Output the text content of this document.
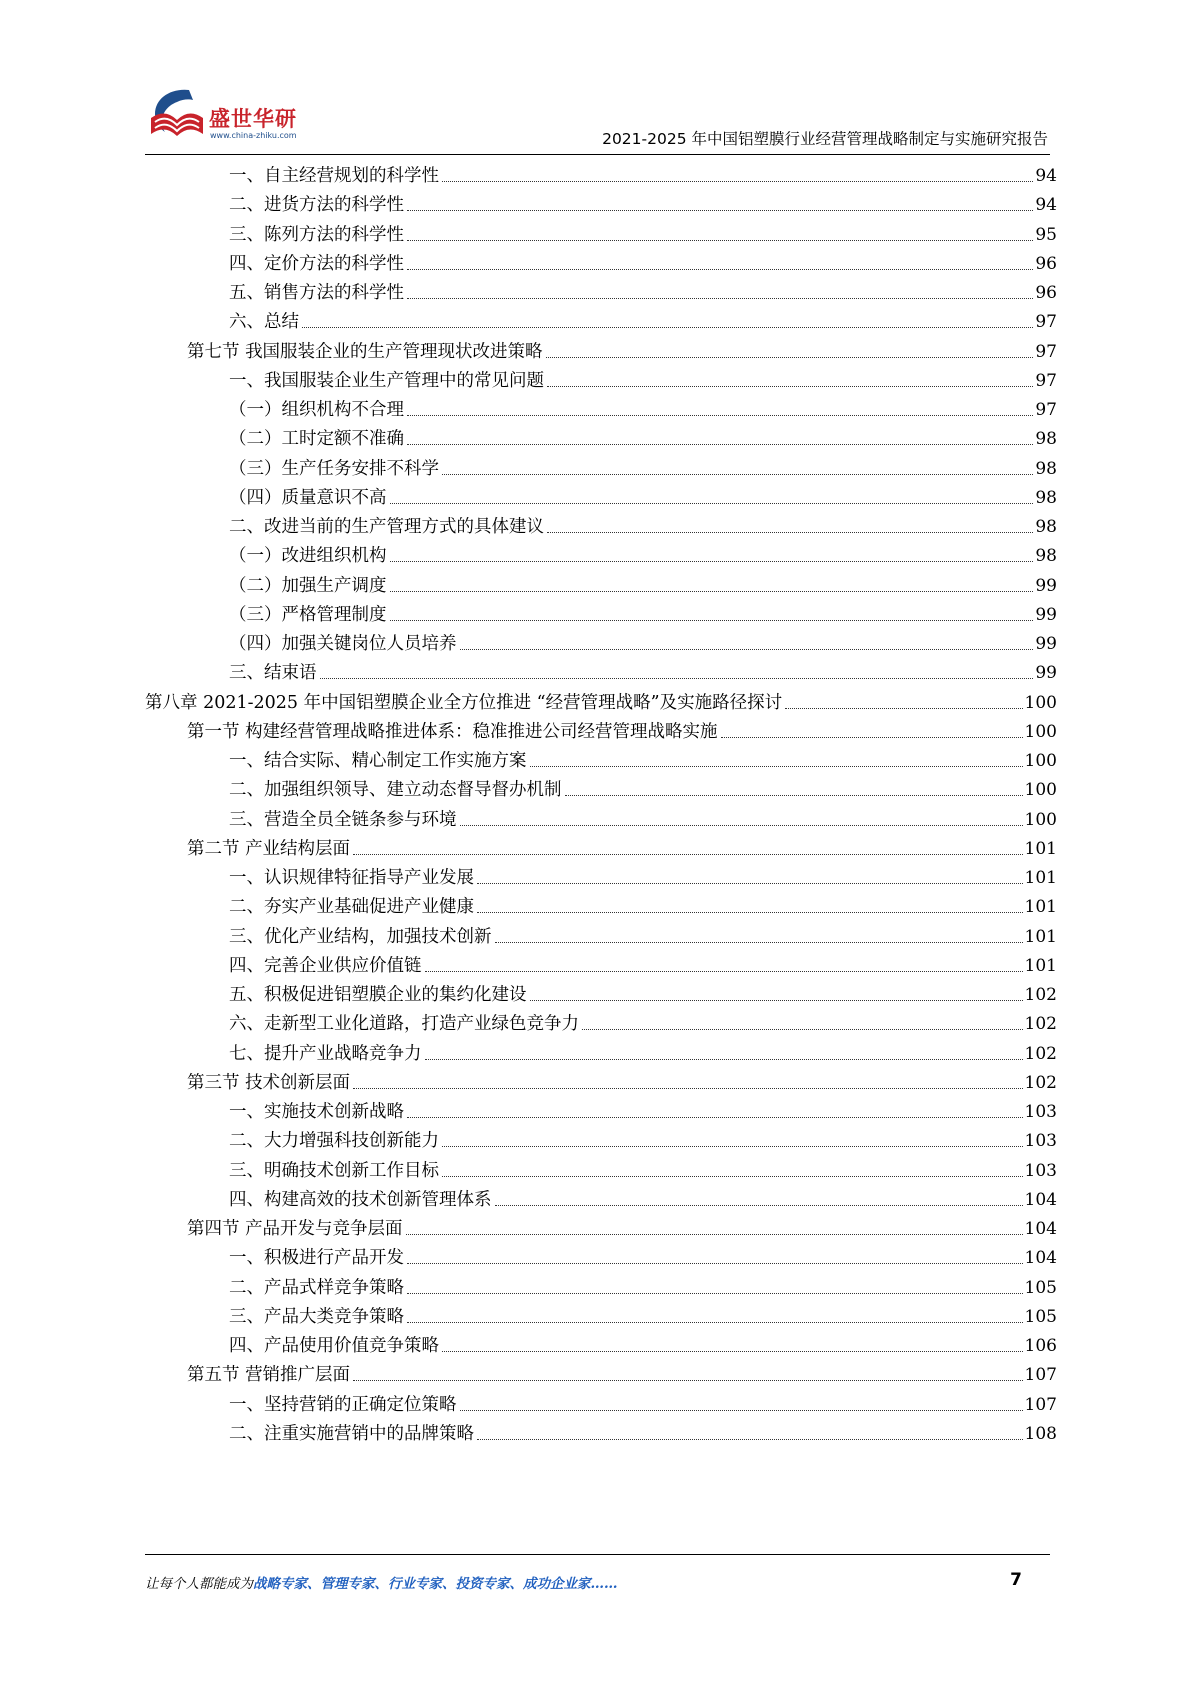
盛世华研
www.china-zhiku.com	2021-2025 年中国铝塑膜行业经营管理战略制定与实施研究报告
一、自主经营规划的科学性	94
二、进货方法的科学性	94
三、陈列方法的科学性	95
四、定价方法的科学性	96
五、销售方法的科学性	96
六、总结	97
第七节 我国服装企业的生产管理现状改进策略	97
一、我国服装企业生产管理中的常见问题	97
（一）组织机构不合理	97
（二）工时定额不准确	98
（三）生产任务安排不科学	98
（四）质量意识不高	98
二、改进当前的生产管理方式的具体建议	98
（一）改进组织机构	98
（二）加强生产调度	99
（三）严格管理制度	99
（四）加强关键岗位人员培养	99
三、结束语	99
第八章 2021-2025 年中国铝塑膜企业全方位推进 “经营管理战略”及实施路径探讨	100
第一节 构建经营管理战略推进体系：稳准推进公司经营管理战略实施	100
一、结合实际、精心制定工作实施方案	100
二、加强组织领导、建立动态督导督办机制	100
三、营造全员全链条参与环境	100
第二节 产业结构层面	101
一、认识规律特征指导产业发展	101
二、夯实产业基础促进产业健康	101
三、优化产业结构，加强技术创新	101
四、完善企业供应价值链	101
五、积极促进铝塑膜企业的集约化建设	102
六、走新型工业化道路，打造产业绿色竞争力	102
七、提升产业战略竞争力	102
第三节 技术创新层面	102
一、实施技术创新战略	103
二、大力增强科技创新能力	103
三、明确技术创新工作目标	103
四、构建高效的技术创新管理体系	104
第四节 产品开发与竞争层面	104
一、积极进行产品开发	104
二、产品式样竞争策略	105
三、产品大类竞争策略	105
四、产品使用价值竞争策略	106
第五节 营销推广层面	107
一、坚持营销的正确定位策略	107
二、注重实施营销中的品牌策略	108
让每个人都能成为战略专家、管理专家、行业专家、投资专家、成功企业家……	7
